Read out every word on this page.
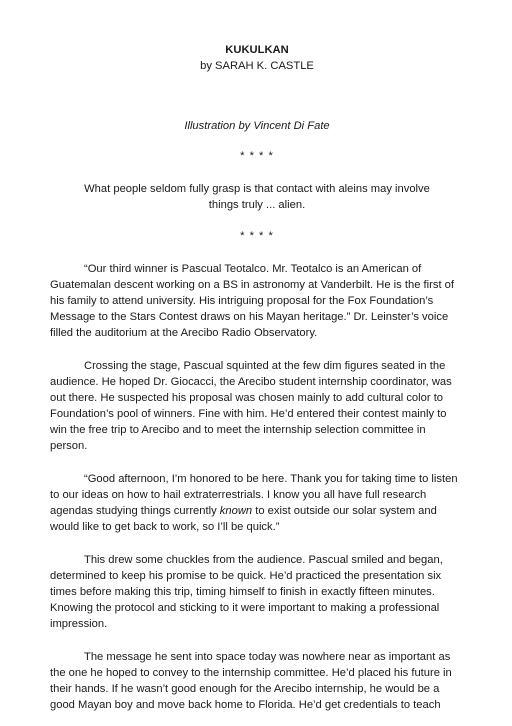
KUKULKAN

by SARAH K. CASTLE

Illustration by Vincent Di Fate

* * * *

What people seldom fully grasp is that contact with aleins may involve things truly ... alien.

* * * *

“Our third winner is Pascual Teotalco. Mr. Teotalco is an American of Guatemalan descent working on a BS in astronomy at Vanderbilt. He is the first of his family to attend university. His intriguing proposal for the Fox Foundation’s Message to the Stars Contest draws on his Mayan heritage.” Dr. Leinster’s voice filled the auditorium at the Arecibo Radio Observatory.

Crossing the stage, Pascual squinted at the few dim figures seated in the audience. He hoped Dr. Giocacci, the Arecibo student internship coordinator, was out there. He suspected his proposal was chosen mainly to add cultural color to Foundation’s pool of winners. Fine with him. He’d entered their contest mainly to win the free trip to Arecibo and to meet the internship selection committee in person.

“Good afternoon, I’m honored to be here. Thank you for taking time to listen to our ideas on how to hail extraterrestrials. I know you all have full research agendas studying things currently known to exist outside our solar system and would like to get back to work, so I’ll be quick.”

This drew some chuckles from the audience. Pascual smiled and began, determined to keep his promise to be quick. He’d practiced the presentation six times before making this trip, timing himself to finish in exactly fifteen minutes. Knowing the protocol and sticking to it were important to making a professional impression.

The message he sent into space today was nowhere near as important as the one he hoped to convey to the internship committee. He’d placed his future in their hands. If he wasn’t good enough for the Arecibo internship, he would be a good Mayan boy and move back home to Florida. He’d get credentials to teach
